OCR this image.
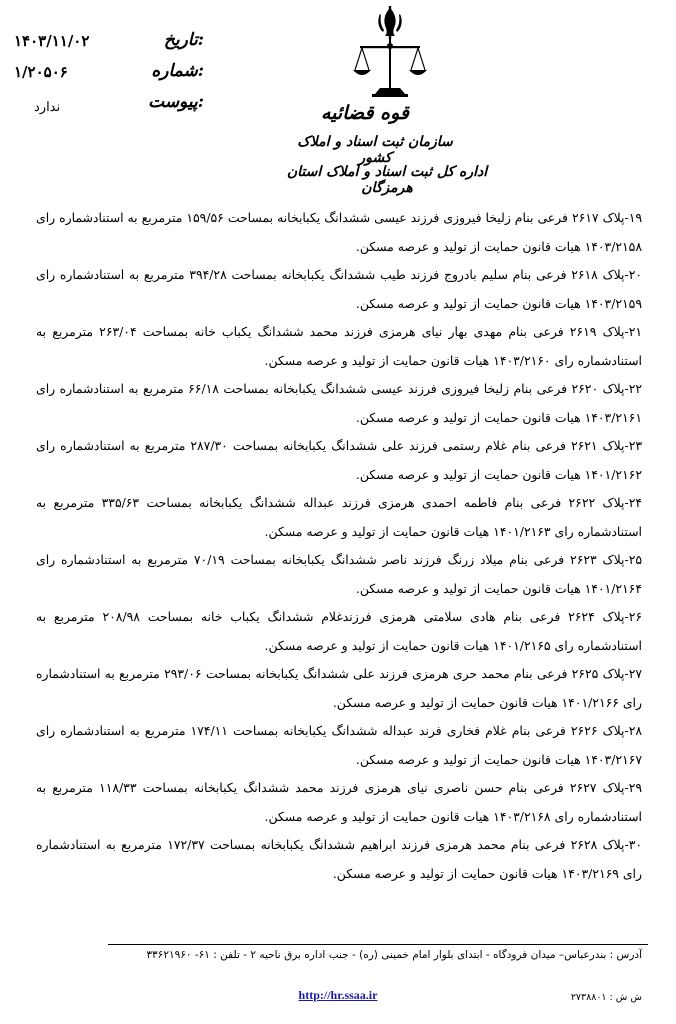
تاریخ:
۱۴۰۳/۱۱/۰۲
شماره:
۱/۲۰۵۰۶
پیوست:
ندارد	قوه قضائیه
سازمان ثبت اسناد و املاک کشور
اداره کل ثبت اسناد و املاک استان هرمزگان

۱۹-پلاک ۲۶۱۷ فرعی بنام زلیخا فیروزی فرزند عیسی ششدانگ یکبابخانه بمساحت ۱۵۹/۵۶ مترمربع به استنادشماره رای ۱۴۰۳/۲۱۵۸ هیات قانون حمایت از تولید و عرصه مسکن.

۲۰-پلاک ۲۶۱۸ فرعی بنام سلیم بادروج فرزند طیب ششدانگ یکبابخانه بمساحت ۳۹۴/۲۸ مترمربع به استنادشماره رای ۱۴۰۳/۲۱۵۹ هیات قانون حمایت از تولید و عرصه مسکن.

۲۱-پلاک ۲۶۱۹ فرعی بنام مهدی بهار نیای هرمزی فرزند محمد ششدانگ یکباب خانه بمساحت ۲۶۳/۰۴ مترمربع به استنادشماره رای ۱۴۰۳/۲۱۶۰ هیات قانون حمایت از تولید و عرصه مسکن.

۲۲-پلاک ۲۶۲۰ فرعی بنام زلیخا فیروزی فرزند عیسی ششدانگ یکبابخانه بمساحت ۶۶/۱۸ مترمربع به استنادشماره رای ۱۴۰۳/۲۱۶۱ هیات قانون حمایت از تولید و عرصه مسکن.

۲۳-پلاک ۲۶۲۱ فرعی بنام غلام رستمی فرزند علی ششدانگ یکبابخانه بمساحت ۲۸۷/۳۰ مترمربع به استنادشماره رای ۱۴۰۱/۲۱۶۲ هیات قانون حمایت از تولید و عرصه مسکن.

۲۴-پلاک ۲۶۲۲ فرعی بنام فاطمه احمدی هرمزی فرزند عبداله ششدانگ یکبابخانه بمساحت ۳۳۵/۶۳ مترمربع به استنادشماره رای ۱۴۰۱/۲۱۶۳ هیات قانون حمایت از تولید و عرصه مسکن.

۲۵-پلاک ۲۶۲۳ فرعی بنام میلاد زرنگ فرزند ناصر ششدانگ یکبابخانه بمساحت ۷۰/۱۹ مترمربع به استنادشماره رای ۱۴۰۱/۲۱۶۴ هیات قانون حمایت از تولید و عرصه مسکن.

۲۶-پلاک ۲۶۲۴ فرعی بنام هادی سلامتی هرمزی فرزندغلام ششدانگ یکباب خانه بمساحت ۲۰۸/۹۸ مترمربع به استنادشماره رای ۱۴۰۱/۲۱۶۵ هیات قانون حمایت از تولید و عرصه مسکن.

۲۷-پلاک ۲۶۲۵ فرعی بنام محمد حری هرمزی فرزند علی ششدانگ یکبابخانه بمساحت ۲۹۳/۰۶ مترمربع به استنادشماره رای ۱۴۰۱/۲۱۶۶ هیات قانون حمایت از تولید و عرصه مسکن.

۲۸-پلاک ۲۶۲۶ فرعی بنام غلام فخاری فرند عبداله ششدانگ یکبابخانه بمساحت ۱۷۴/۱۱ مترمربع به استنادشماره رای ۱۴۰۳/۲۱۶۷ هیات قانون حمایت از تولید و عرصه مسکن.

۲۹-پلاک ۲۶۲۷ فرعی بنام حسن ناصری نیای هرمزی فرزند محمد ششدانگ یکبابخانه بمساحت ۱۱۸/۳۳ مترمربع به استنادشماره رای ۱۴۰۳/۲۱۶۸ هیات قانون حمایت از تولید و عرصه مسکن.

۳۰-پلاک ۲۶۲۸ فرعی بنام محمد هرمزی فرزند ابراهیم ششدانگ یکبابخانه بمساحت ۱۷۲/۳۷ مترمربع به استنادشماره رای ۱۴۰۳/۲۱۶۹ هیات قانون حمایت از تولید و عرصه مسکن.

آدرس : بندرعباس– میدان فرودگاه - ابتدای بلوار امام خمینی (ره) - جنب اداره برق ناحیه ۲ - تلفن : ۶۱- ۳۳۶۲۱۹۶۰
http://hr.ssaa.ir	ش ش : ۲۷۳۸۸۰۱
